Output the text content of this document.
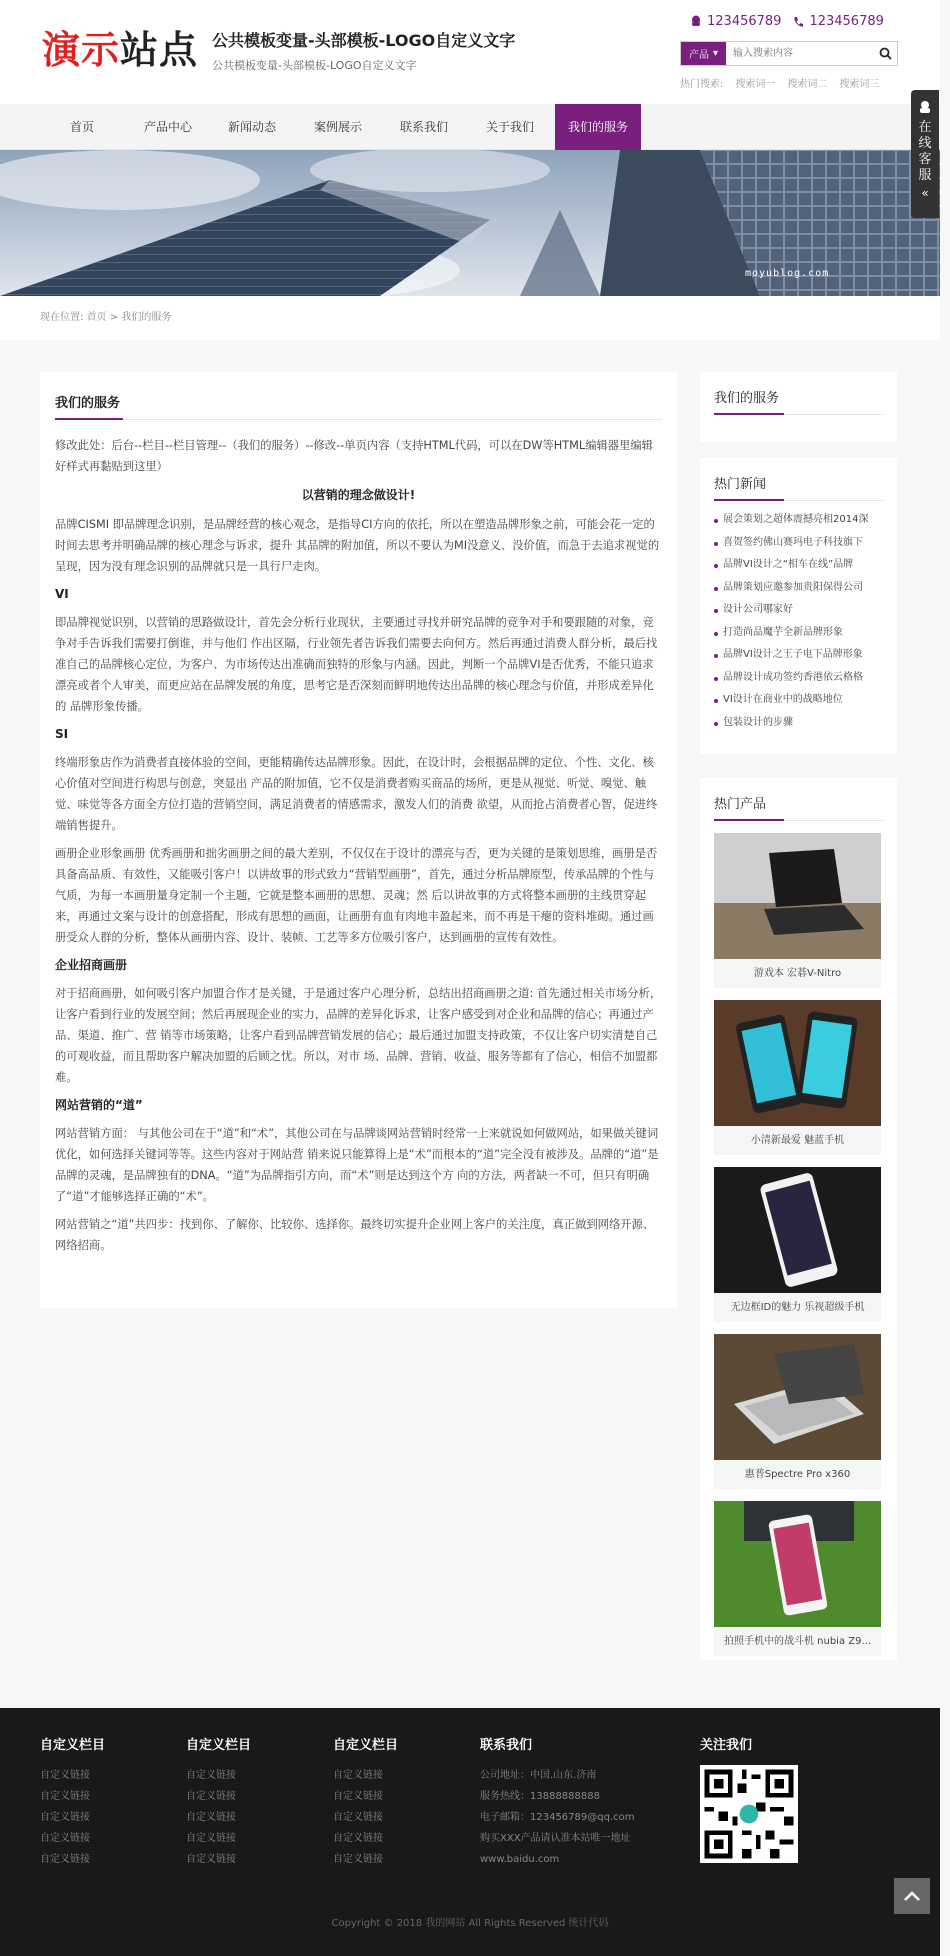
演示站点 公共模板变量-头部模板-LOGO自定义文字
公共模板变量-头部模板-LOGO自定义文字
123456789 123456789
产品 ▾
输入搜索内容
热门搜索: 搜索词一 搜索词二 搜索词三
首页	产品中心	新闻动态	案例展示	联系我们	关于我们	我们的服务
moyublog.com
在线客服
«
现在位置: 首页 > 我们的服务
我们的服务

修改此处：后台--栏目--栏目管理--（我们的服务）--修改--单页内容（支持HTML代码，可以在DW等HTML编辑器里编辑好样式再黏贴到这里）

以营销的理念做设计!

品牌CISMI 即品牌理念识别，是品牌经营的核心观念，是指导CI方向的依托，所以在塑造品牌形象之前，可能会花一定的时间去思考并明确品牌的核心理念与诉求，提升 其品牌的附加值，所以不要认为MI没意义、没价值，而急于去追求视觉的呈现，因为没有理念识别的品牌就只是一具行尸走肉。

VI

即品牌视觉识别，以营销的思路做设计，首先会分析行业现状，主要通过寻找并研究品牌的竞争对手和要跟随的对象，竞争对手告诉我们需要打倒谁，并与他们 作出区隔，行业领先者告诉我们需要去向何方。然后再通过消费人群分析，最后找准自己的品牌核心定位，为客户、为市场传达出准确而独特的形象与内涵。因此，判断一个品牌VI是否优秀，不能只追求漂亮或者个人审美，而更应站在品牌发展的角度，思考它是否深刻而鲜明地传达出品牌的核心理念与价值，并形成差异化的 品牌形象传播。

SI

终端形象店作为消费者直接体验的空间，更能精确传达品牌形象。因此，在设计时，会根据品牌的定位、个性、文化、核心价值对空间进行构思与创意，突显出 产品的附加值，它不仅是消费者购买商品的场所，更是从视觉、听觉、嗅觉、触觉、味觉等各方面全方位打造的营销空间，满足消费者的情感需求，激发人们的消费 欲望，从而抢占消费者心智，促进终端销售提升。

画册企业形象画册 优秀画册和拙劣画册之间的最大差别，不仅仅在于设计的漂亮与否，更为关键的是策划思维，画册是否具备高品质、有效性，又能吸引客户！以讲故事的形式致力“营销型画册”，首先，通过分析品牌原型，传承品牌的个性与气质，为每一本画册量身定制一个主题，它就是整本画册的思想、灵魂；然 后以讲故事的方式将整本画册的主线贯穿起来，再通过文案与设计的创意搭配，形成有思想的画面，让画册有血有肉地丰盈起来，而不再是干瘪的资料堆砌。通过画 册受众人群的分析，整体从画册内容、设计、装帧、工艺等多方位吸引客户，达到画册的宣传有效性。

企业招商画册

对于招商画册，如何吸引客户加盟合作才是关键，于是通过客户心理分析，总结出招商画册之道: 首先通过相关市场分析，让客户看到行业的发展空间；然后再展现企业的实力，品牌的差异化诉求，让客户感受到对企业和品牌的信心；再通过产品、渠道、推广、营 销等市场策略，让客户看到品牌营销发展的信心；最后通过加盟支持政策，不仅让客户切实清楚自己的可观收益，而且帮助客户解决加盟的后顾之忧。所以，对市 场、品牌、营销、收益、服务等都有了信心，相信不加盟都难。

网站营销的“道”

网站营销方面： 与其他公司在于“道”和“术”，其他公司在与品牌谈网站营销时经常一上来就说如何做网站，如果做关键词优化，如何选择关键词等等。这些内容对于网站营 销来说只能算得上是“术”而根本的“道”完全没有被涉及。品牌的“道”是品牌的灵魂，是品牌独有的DNA。“道”为品牌指引方向，而“术”则是达到这个方 向的方法，两者缺一不可，但只有明确了“道”才能够选择正确的“术”。

网站营销之“道”共四步：找到你、了解你、比较你、选择你。最终切实提升企业网上客户的关注度，真正做到网络开源、网络招商。

我们的服务
热门新闻
展会策划之超体震撼亮相2014深
喜贺签约佛山赛玛电子科技旗下
品牌VI设计之“相车在线”品牌
品牌策划应邀参加贵阳保得公司
设计公司哪家好
打造尚品魔芋全新品牌形象
品牌VI设计之王子电下品牌形象
品牌设计成功签约香港依云格格
VI设计在商业中的战略地位
包装设计的步骤
热门产品
游戏本 宏碁V-Nitro
小清新最爱 魅蓝手机
无边框ID的魅力 乐视超级手机
惠普Spectre Pro x360
拍照手机中的战斗机 nubia Z9...
自定义栏目
自定义链接
自定义链接
自定义链接
自定义链接
自定义链接
自定义栏目
自定义链接
自定义链接
自定义链接
自定义链接
自定义链接
自定义栏目
自定义链接
自定义链接
自定义链接
自定义链接
自定义链接
联系我们
公司地址：中国.山东.济南
服务热线：13888888888
电子邮箱：123456789@qq.com
购买XXX产品请认准本站唯一地址
www.baidu.com
关注我们
Copyright © 2018 我的网站 All Rights Reserved 统计代码
